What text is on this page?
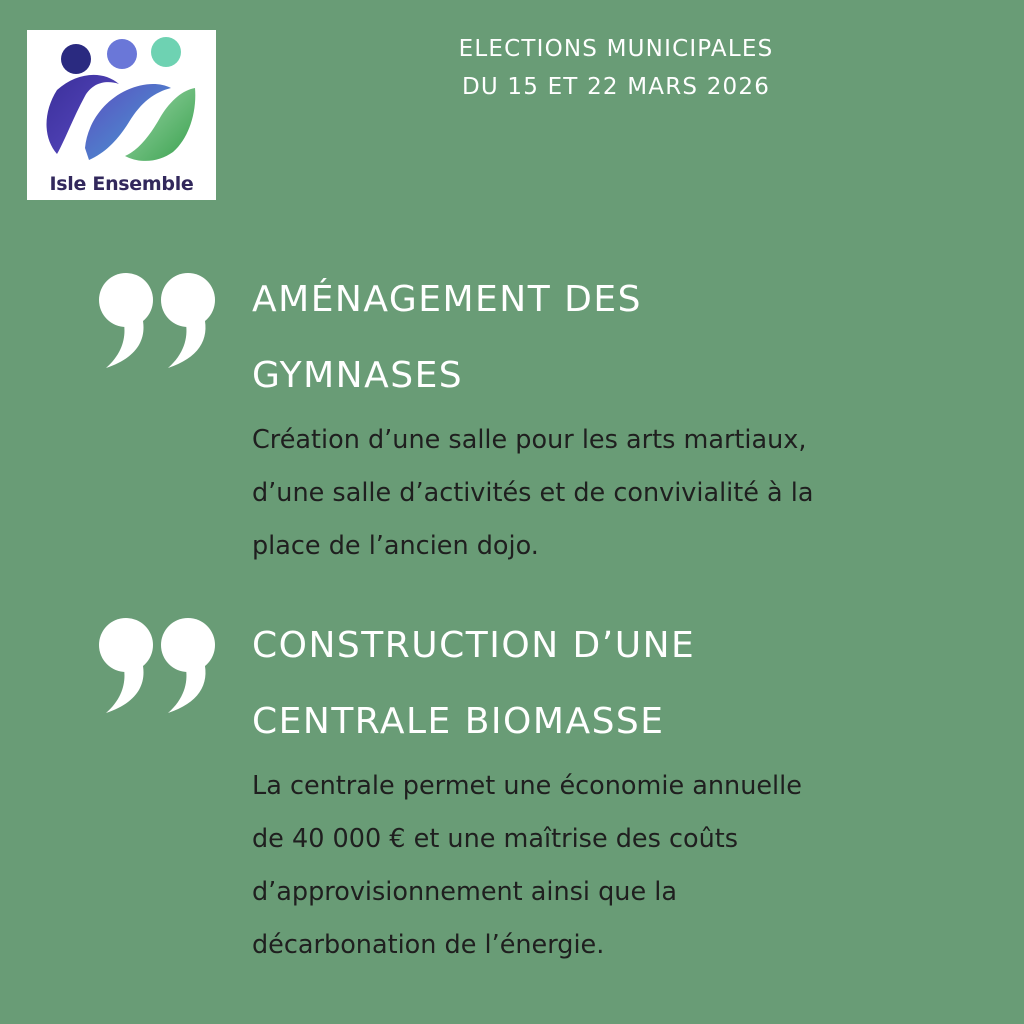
Isle Ensemble
ELECTIONS MUNICIPALES
DU 15 ET 22 MARS 2026
AMÉNAGEMENT DES
GYMNASES
Création d’une salle pour les arts martiaux,
d’une salle d’activités et de convivialité à la
place de l’ancien dojo.
CONSTRUCTION D’UNE
CENTRALE BIOMASSE
La centrale permet une économie annuelle
de 40 000 € et une maîtrise des coûts
d’approvisionnement ainsi que la
décarbonation de l’énergie.
